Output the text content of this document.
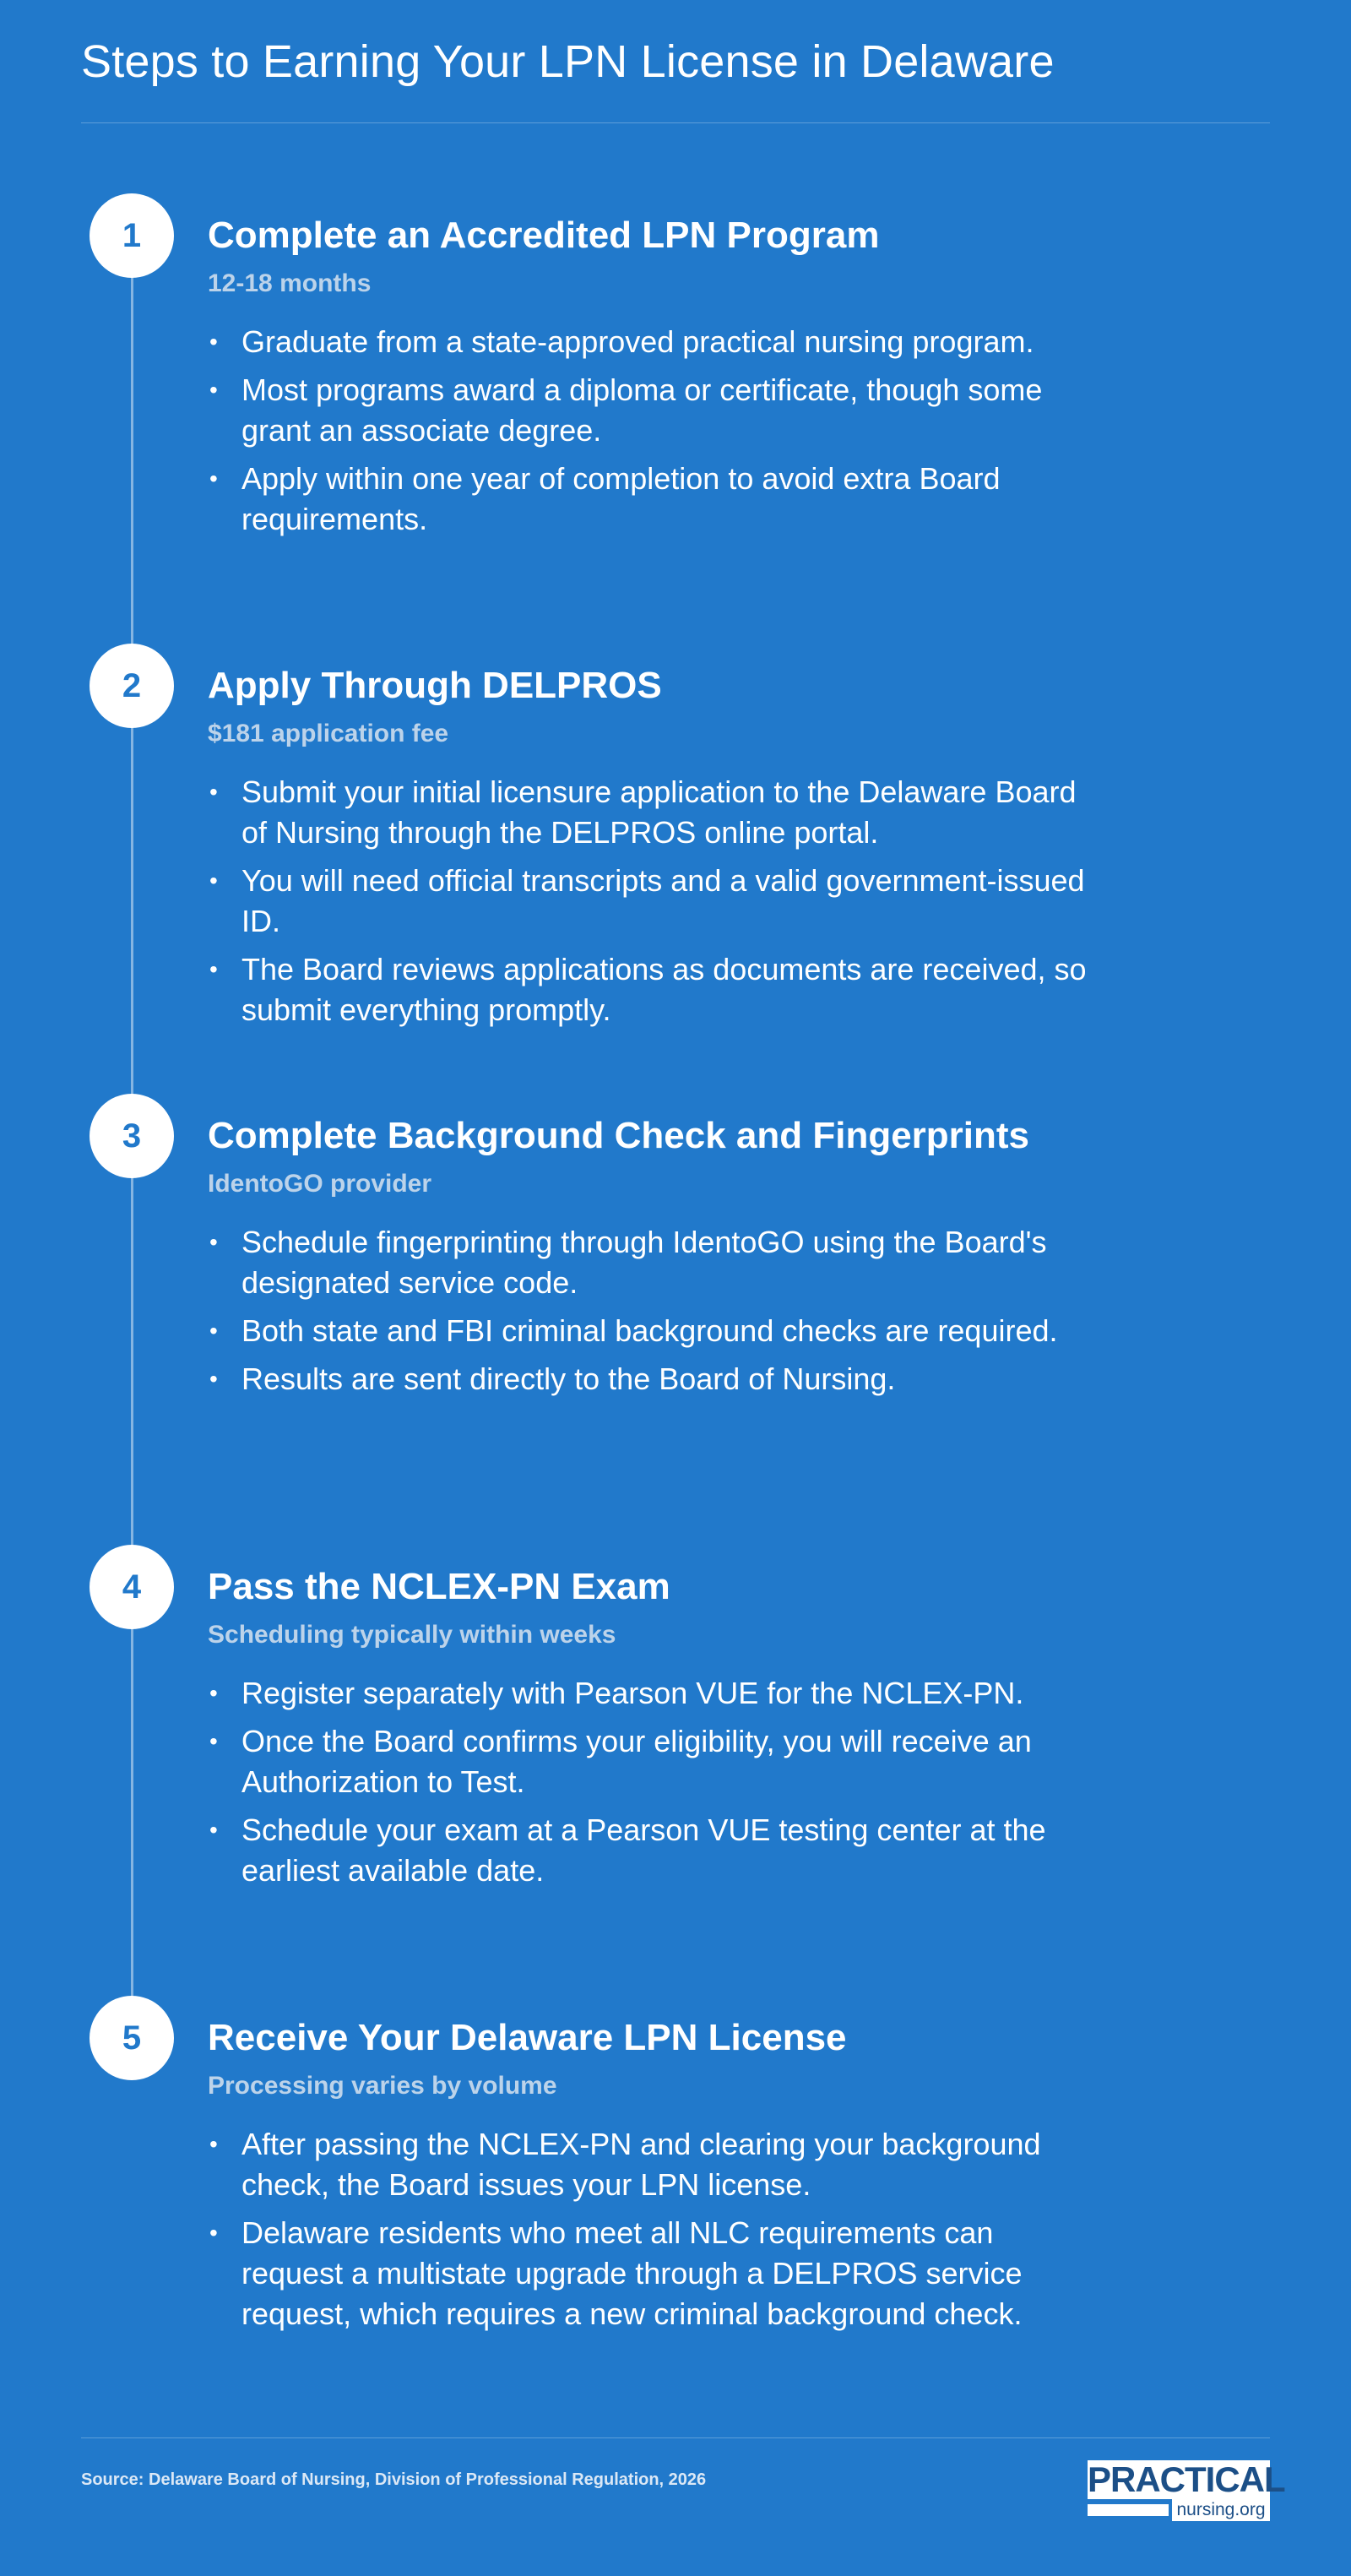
Steps to Earning Your LPN License in Delaware
1	Complete an Accredited LPN Program
12-18 months
• Graduate from a state-approved practical nursing program.
• Most programs award a diploma or certificate, though some grant an associate degree.
• Apply within one year of completion to avoid extra Board requirements.
2	Apply Through DELPROS
$181 application fee
• Submit your initial licensure application to the Delaware Board of Nursing through the DELPROS online portal.
• You will need official transcripts and a valid government-issued ID.
• The Board reviews applications as documents are received, so submit everything promptly.
3	Complete Background Check and Fingerprints
IdentoGO provider
• Schedule fingerprinting through IdentoGO using the Board's designated service code.
• Both state and FBI criminal background checks are required.
• Results are sent directly to the Board of Nursing.
4	Pass the NCLEX-PN Exam
Scheduling typically within weeks
• Register separately with Pearson VUE for the NCLEX-PN.
• Once the Board confirms your eligibility, you will receive an Authorization to Test.
• Schedule your exam at a Pearson VUE testing center at the earliest available date.
5	Receive Your Delaware LPN License
Processing varies by volume
• After passing the NCLEX-PN and clearing your background check, the Board issues your LPN license.
• Delaware residents who meet all NLC requirements can request a multistate upgrade through a DELPROS service request, which requires a new criminal background check.
Source: Delaware Board of Nursing, Division of Professional Regulation, 2026	PRACTICAL
nursing.org
